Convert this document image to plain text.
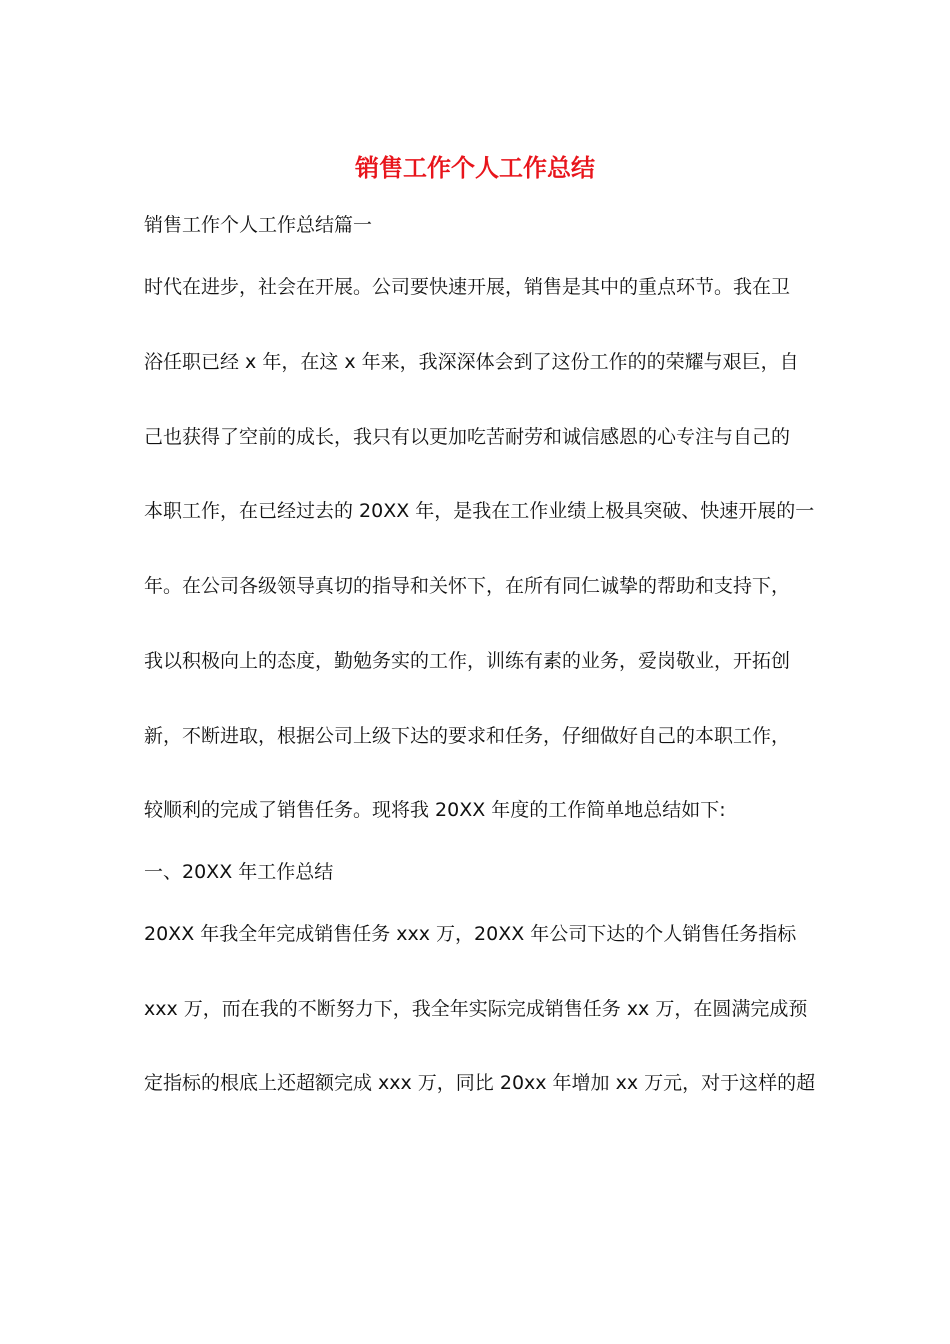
销售工作个人工作总结
销售工作个人工作总结篇一
时代在进步，社会在开展。公司要快速开展，销售是其中的重点环节。我在卫
浴任职已经 x 年，在这 x 年来，我深深体会到了这份工作的的荣耀与艰巨，自
己也获得了空前的成长，我只有以更加吃苦耐劳和诚信感恩的心专注与自己的
本职工作，在已经过去的 20XX 年，是我在工作业绩上极具突破、快速开展的一
年。在公司各级领导真切的指导和关怀下，在所有同仁诚挚的帮助和支持下，
我以积极向上的态度，勤勉务实的工作，训练有素的业务，爱岗敬业，开拓创
新，不断进取，根据公司上级下达的要求和任务，仔细做好自己的本职工作，
较顺利的完成了销售任务。现将我 20XX 年度的工作简单地总结如下:
一、20XX 年工作总结
20XX 年我全年完成销售任务 xxx 万，20XX 年公司下达的个人销售任务指标
xxx 万，而在我的不断努力下，我全年实际完成销售任务 xx 万，在圆满完成预
定指标的根底上还超额完成 xxx 万，同比 20xx 年增加 xx 万元，对于这样的超
